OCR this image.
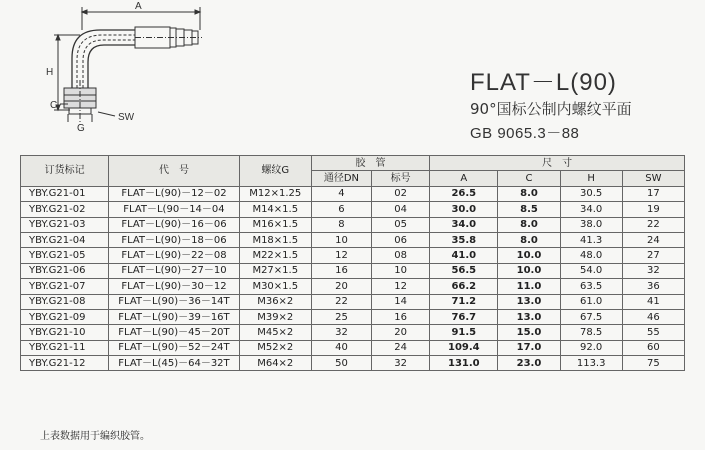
A
H
C
G
SW
FLAT－L(90)
90°国标公制内螺纹平面
GB 9065.3－88
订货标记	代　号	螺纹G	胶　管		尺　寸			
			通径DN	标号	A	C	H	SW
YBY.G21-01	FLAT－L(90)－12－02	M12×1.25	4	02	26.5	8.0	30.5	17
YBY.G21-02	FLAT－L(90－14－04	M14×1.5	6	04	30.0	8.5	34.0	19
YBY.G21-03	FLAT－L(90)－16－06	M16×1.5	8	05	34.0	8.0	38.0	22
YBY.G21-04	FLAT－L(90)－18－06	M18×1.5	10	06	35.8	8.0	41.3	24
YBY.G21-05	FLAT－L(90)－22－08	M22×1.5	12	08	41.0	10.0	48.0	27
YBY.G21-06	FLAT－L(90)－27－10	M27×1.5	16	10	56.5	10.0	54.0	32
YBY.G21-07	FLAT－L(90)－30－12	M30×1.5	20	12	66.2	11.0	63.5	36
YBY.G21-08	FLAT－L(90)－36－14T	M36×2	22	14	71.2	13.0	61.0	41
YBY.G21-09	FLAT－L(90)－39－16T	M39×2	25	16	76.7	13.0	67.5	46
YBY.G21-10	FLAT－L(90)－45－20T	M45×2	32	20	91.5	15.0	78.5	55
YBY.G21-11	FLAT－L(90)－52－24T	M52×2	40	24	109.4	17.0	92.0	60
YBY.G21-12	FLAT－L(45)－64－32T	M64×2	50	32	131.0	23.0	113.3	75
上表数据用于编织胶管。
